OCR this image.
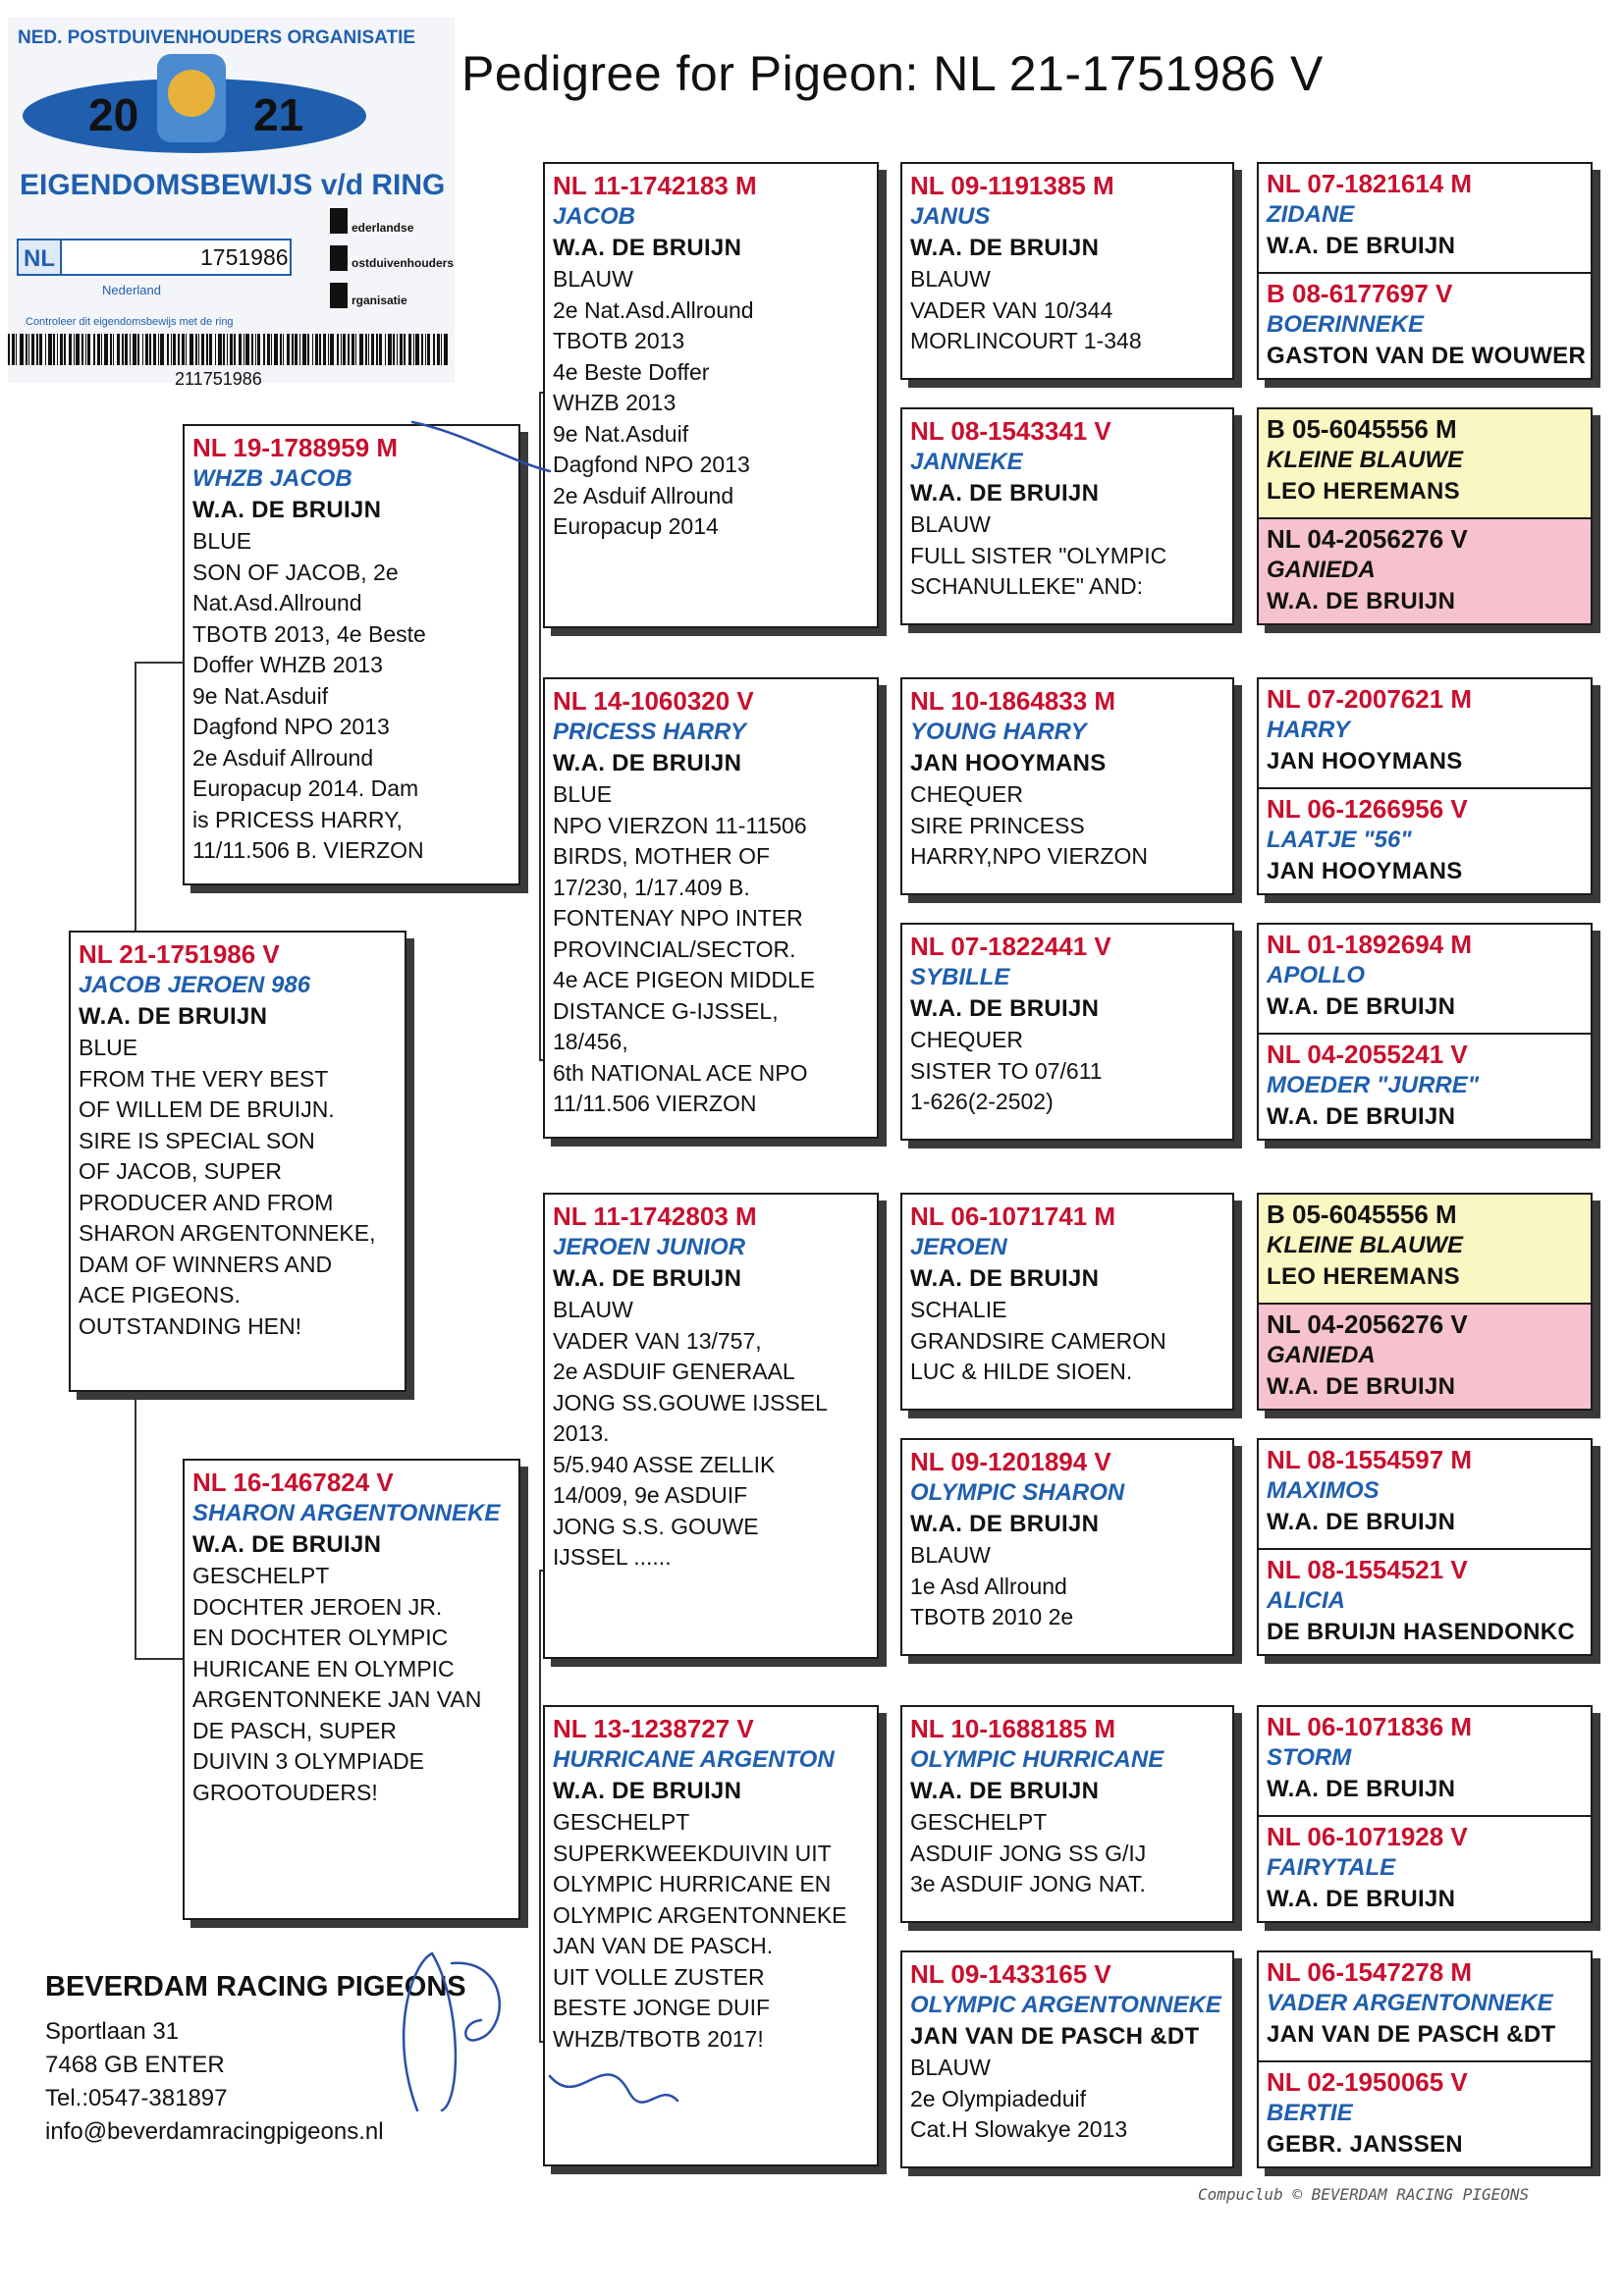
NED. POSTDUIVENHOUDERS ORGANISATIE
20	21
EIGENDOMSBEWIJS v/d RING
NL	1751986
Nederland
Controleer dit eigendomsbewijs met de ring
ederlandse
ostduivenhouders
rganisatie
211751986
Pedigree for Pigeon: NL 21-1751986 V
NL 19-1788959 M
WHZB JACOB
W.A. DE BRUIJN
BLUE
SON OF JACOB, 2e
Nat.Asd.Allround
TBOTB 2013, 4e Beste
Doffer WHZB 2013
9e Nat.Asduif
Dagfond NPO 2013
2e Asduif Allround
Europacup 2014. Dam
is PRICESS HARRY,
11/11.506 B. VIERZON
NL 21-1751986 V
JACOB JEROEN 986
W.A. DE BRUIJN
BLUE
FROM THE VERY BEST
OF WILLEM DE BRUIJN.
SIRE IS SPECIAL SON
OF JACOB, SUPER
PRODUCER AND FROM
SHARON ARGENTONNEKE,
DAM OF WINNERS AND
ACE PIGEONS.
OUTSTANDING HEN!
NL 16-1467824 V
SHARON ARGENTONNEKE
W.A. DE BRUIJN
GESCHELPT
DOCHTER JEROEN JR.
EN DOCHTER OLYMPIC
HURICANE EN OLYMPIC
ARGENTONNEKE JAN VAN
DE PASCH, SUPER
DUIVIN 3 OLYMPIADE
GROOTOUDERS!
NL 11-1742183 M
JACOB
W.A. DE BRUIJN
BLAUW
2e Nat.Asd.Allround
TBOTB 2013
4e Beste Doffer
WHZB 2013
9e Nat.Asduif
Dagfond NPO 2013
2e Asduif Allround
Europacup 2014
NL 14-1060320 V
PRICESS HARRY
W.A. DE BRUIJN
BLUE
NPO VIERZON 11-11506
BIRDS, MOTHER OF
17/230, 1/17.409 B.
FONTENAY NPO INTER
PROVINCIAL/SECTOR.
4e ACE PIGEON MIDDLE
DISTANCE G-IJSSEL,
18/456,
6th NATIONAL ACE NPO
11/11.506 VIERZON
NL 11-1742803 M
JEROEN JUNIOR
W.A. DE BRUIJN
BLAUW
VADER VAN 13/757,
2e ASDUIF GENERAAL
JONG SS.GOUWE IJSSEL
2013.
5/5.940 ASSE ZELLIK
14/009, 9e ASDUIF
JONG S.S. GOUWE
IJSSEL ......
NL 13-1238727 V
HURRICANE ARGENTON
W.A. DE BRUIJN
GESCHELPT
SUPERKWEEKDUIVIN UIT
OLYMPIC HURRICANE EN
OLYMPIC ARGENTONNEKE
JAN VAN DE PASCH.
UIT VOLLE ZUSTER
BESTE JONGE DUIF
WHZB/TBOTB 2017!
NL 09-1191385 M
JANUS
W.A. DE BRUIJN
BLAUW
VADER VAN 10/344
MORLINCOURT 1-348
NL 08-1543341 V
JANNEKE
W.A. DE BRUIJN
BLAUW
FULL SISTER "OLYMPIC
SCHANULLEKE" AND:
NL 10-1864833 M
YOUNG HARRY
JAN HOOYMANS
CHEQUER
SIRE PRINCESS
HARRY,NPO VIERZON
NL 07-1822441 V
SYBILLE
W.A. DE BRUIJN
CHEQUER
SISTER TO 07/611
1-626(2-2502)
NL 06-1071741 M
JEROEN
W.A. DE BRUIJN
SCHALIE
GRANDSIRE CAMERON
LUC & HILDE SIOEN.
NL 09-1201894 V
OLYMPIC SHARON
W.A. DE BRUIJN
BLAUW
1e Asd Allround
TBOTB 2010 2e
NL 10-1688185 M
OLYMPIC HURRICANE
W.A. DE BRUIJN
GESCHELPT
ASDUIF JONG SS G/IJ
3e ASDUIF JONG NAT.
NL 09-1433165 V
OLYMPIC ARGENTONNEKE
JAN VAN DE PASCH &DT
BLAUW
2e Olympiadeduif
Cat.H Slowakye 2013
NL 07-1821614 M
ZIDANE
W.A. DE BRUIJN
B 08-6177697 V
BOERINNEKE
GASTON VAN DE WOUWER
B 05-6045556 M
KLEINE BLAUWE
LEO HEREMANS
NL 04-2056276 V
GANIEDA
W.A. DE BRUIJN
NL 07-2007621 M
HARRY
JAN HOOYMANS
NL 06-1266956 V
LAATJE "56"
JAN HOOYMANS
NL 01-1892694 M
APOLLO
W.A. DE BRUIJN
NL 04-2055241 V
MOEDER "JURRE"
W.A. DE BRUIJN
B 05-6045556 M
KLEINE BLAUWE
LEO HEREMANS
NL 04-2056276 V
GANIEDA
W.A. DE BRUIJN
NL 08-1554597 M
MAXIMOS
W.A. DE BRUIJN
NL 08-1554521 V
ALICIA
DE BRUIJN HASENDONKC
NL 06-1071836 M
STORM
W.A. DE BRUIJN
NL 06-1071928 V
FAIRYTALE
W.A. DE BRUIJN
NL 06-1547278 M
VADER ARGENTONNEKE
JAN VAN DE PASCH &DT
NL 02-1950065 V
BERTIE
GEBR. JANSSEN
BEVERDAM RACING PIGEONS
Sportlaan 31
7468 GB ENTER
Tel.:0547-381897
info@beverdamracingpigeons.nl
Compuclub © BEVERDAM RACING PIGEONS
